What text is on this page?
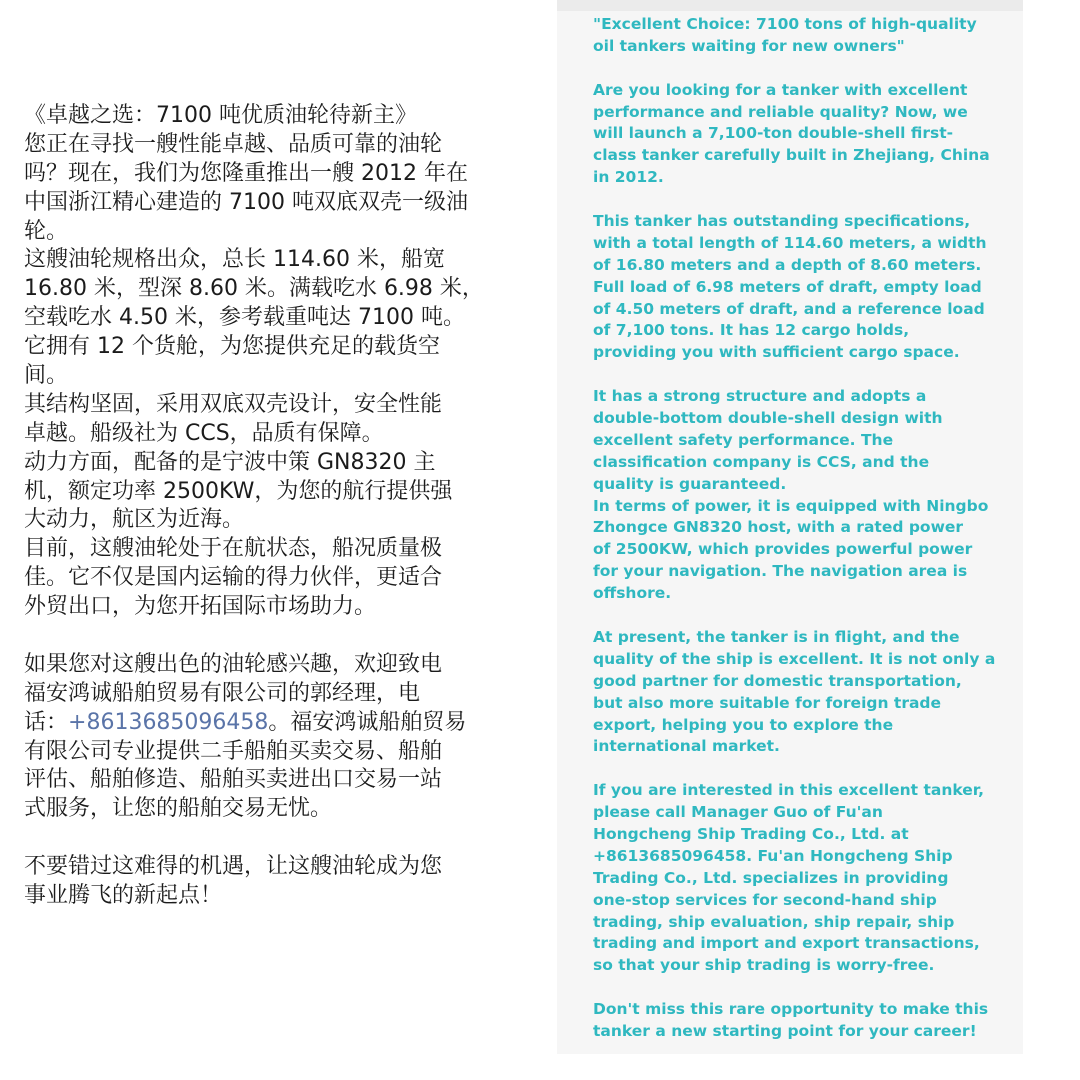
《卓越之选：7100 吨优质油轮待新主》
您正在寻找一艘性能卓越、品质可靠的油轮
吗？现在，我们为您隆重推出一艘 2012 年在
中国浙江精心建造的 7100 吨双底双壳一级油
轮。
这艘油轮规格出众，总长 114.60 米，船宽
16.80 米，型深 8.60 米。满载吃水 6.98 米，
空载吃水 4.50 米，参考载重吨达 7100 吨。
它拥有 12 个货舱，为您提供充足的载货空
间。
其结构坚固，采用双底双壳设计，安全性能
卓越。船级社为 CCS，品质有保障。
动力方面，配备的是宁波中策 GN8320 主
机，额定功率 2500KW，为您的航行提供强
大动力，航区为近海。
目前，这艘油轮处于在航状态，船况质量极
佳。它不仅是国内运输的得力伙伴，更适合
外贸出口，为您开拓国际市场助力。
如果您对这艘出色的油轮感兴趣，欢迎致电
福安鸿诚船舶贸易有限公司的郭经理，电
话：+8613685096458。福安鸿诚船舶贸易
有限公司专业提供二手船舶买卖交易、船舶
评估、船舶修造、船舶买卖进出口交易一站
式服务，让您的船舶交易无忧。
不要错过这难得的机遇，让这艘油轮成为您
事业腾飞的新起点！
"Excellent Choice: 7100 tons of high-quality
oil tankers waiting for new owners"
Are you looking for a tanker with excellent
performance and reliable quality? Now, we
will launch a 7,100-ton double-shell first-
class tanker carefully built in Zhejiang, China
in 2012.
This tanker has outstanding specifications,
with a total length of 114.60 meters, a width
of 16.80 meters and a depth of 8.60 meters.
Full load of 6.98 meters of draft, empty load
of 4.50 meters of draft, and a reference load
of 7,100 tons. It has 12 cargo holds,
providing you with sufficient cargo space.
It has a strong structure and adopts a
double-bottom double-shell design with
excellent safety performance. The
classification company is CCS, and the
quality is guaranteed.
In terms of power, it is equipped with Ningbo
Zhongce GN8320 host, with a rated power
of 2500KW, which provides powerful power
for your navigation. The navigation area is
offshore.
At present, the tanker is in flight, and the
quality of the ship is excellent. It is not only a
good partner for domestic transportation,
but also more suitable for foreign trade
export, helping you to explore the
international market.
If you are interested in this excellent tanker,
please call Manager Guo of Fu'an
Hongcheng Ship Trading Co., Ltd. at
+8613685096458. Fu'an Hongcheng Ship
Trading Co., Ltd. specializes in providing
one-stop services for second-hand ship
trading, ship evaluation, ship repair, ship
trading and import and export transactions,
so that your ship trading is worry-free.
Don't miss this rare opportunity to make this
tanker a new starting point for your career!
